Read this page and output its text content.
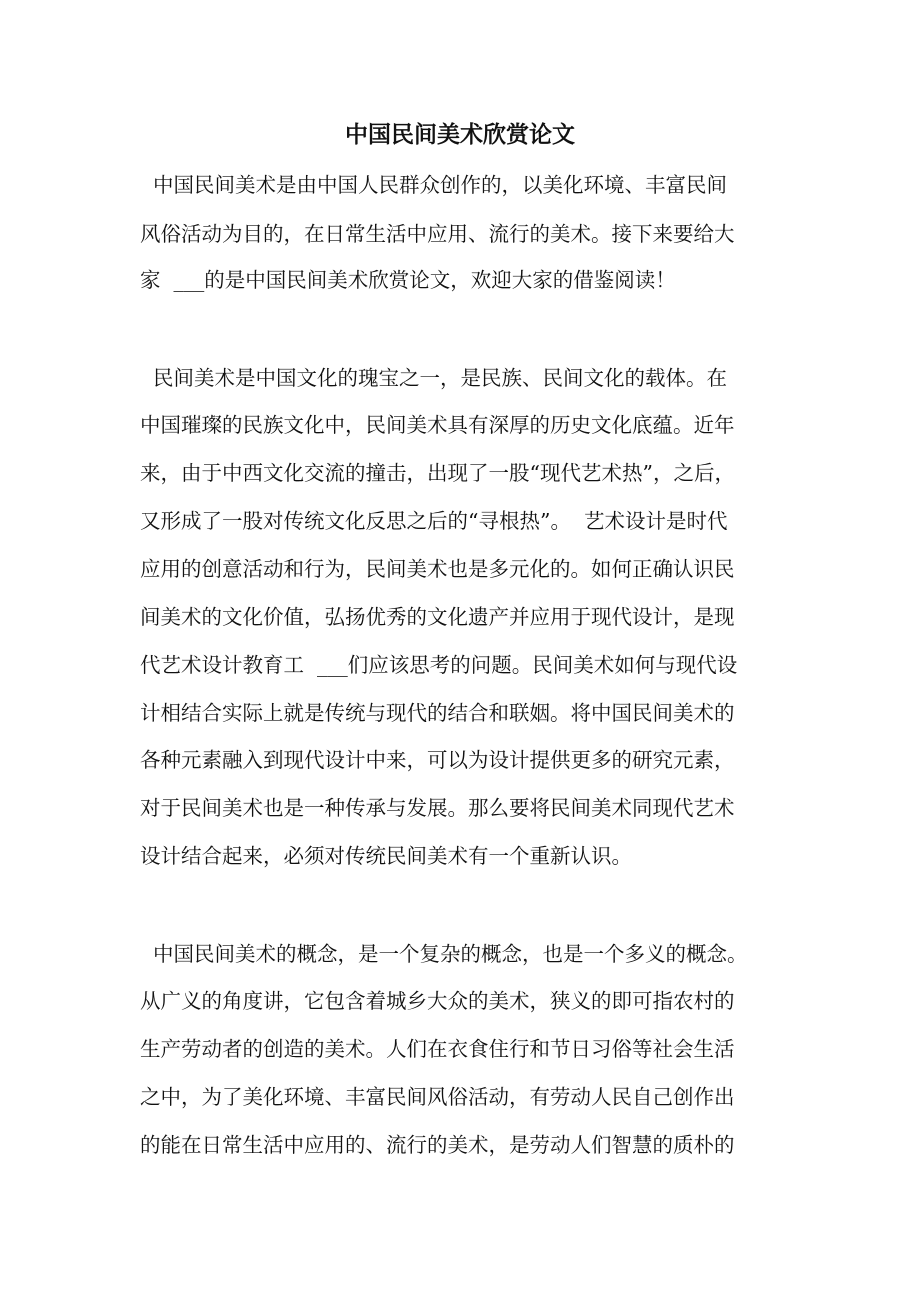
中国民间美术欣赏论文
中国民间美术是由中国人民群众创作的，以美化环境、丰富民间
风俗活动为目的，在日常生活中应用、流行的美术。接下来要给大
家  ___的是中国民间美术欣赏论文，欢迎大家的借鉴阅读！
民间美术是中国文化的瑰宝之一，是民族、民间文化的载体。在
中国璀璨的民族文化中，民间美术具有深厚的历史文化底蕴。近年
来，由于中西文化交流的撞击，出现了一股“现代艺术热”，之后，
又形成了一股对传统文化反思之后的“寻根热”。  艺术设计是时代
应用的创意活动和行为，民间美术也是多元化的。如何正确认识民
间美术的文化价值，弘扬优秀的文化遗产并应用于现代设计，是现
代艺术设计教育工  ___们应该思考的问题。民间美术如何与现代设
计相结合实际上就是传统与现代的结合和联姻。将中国民间美术的
各种元素融入到现代设计中来，可以为设计提供更多的研究元素，
对于民间美术也是一种传承与发展。那么要将民间美术同现代艺术
设计结合起来，必须对传统民间美术有一个重新认识。
中国民间美术的概念，是一个复杂的概念，也是一个多义的概念。
从广义的角度讲，它包含着城乡大众的美术，狭义的即可指农村的
生产劳动者的创造的美术。人们在衣食住行和节日习俗等社会生活
之中，为了美化环境、丰富民间风俗活动，有劳动人民自己创作出
的能在日常生活中应用的、流行的美术，是劳动人们智慧的质朴的
